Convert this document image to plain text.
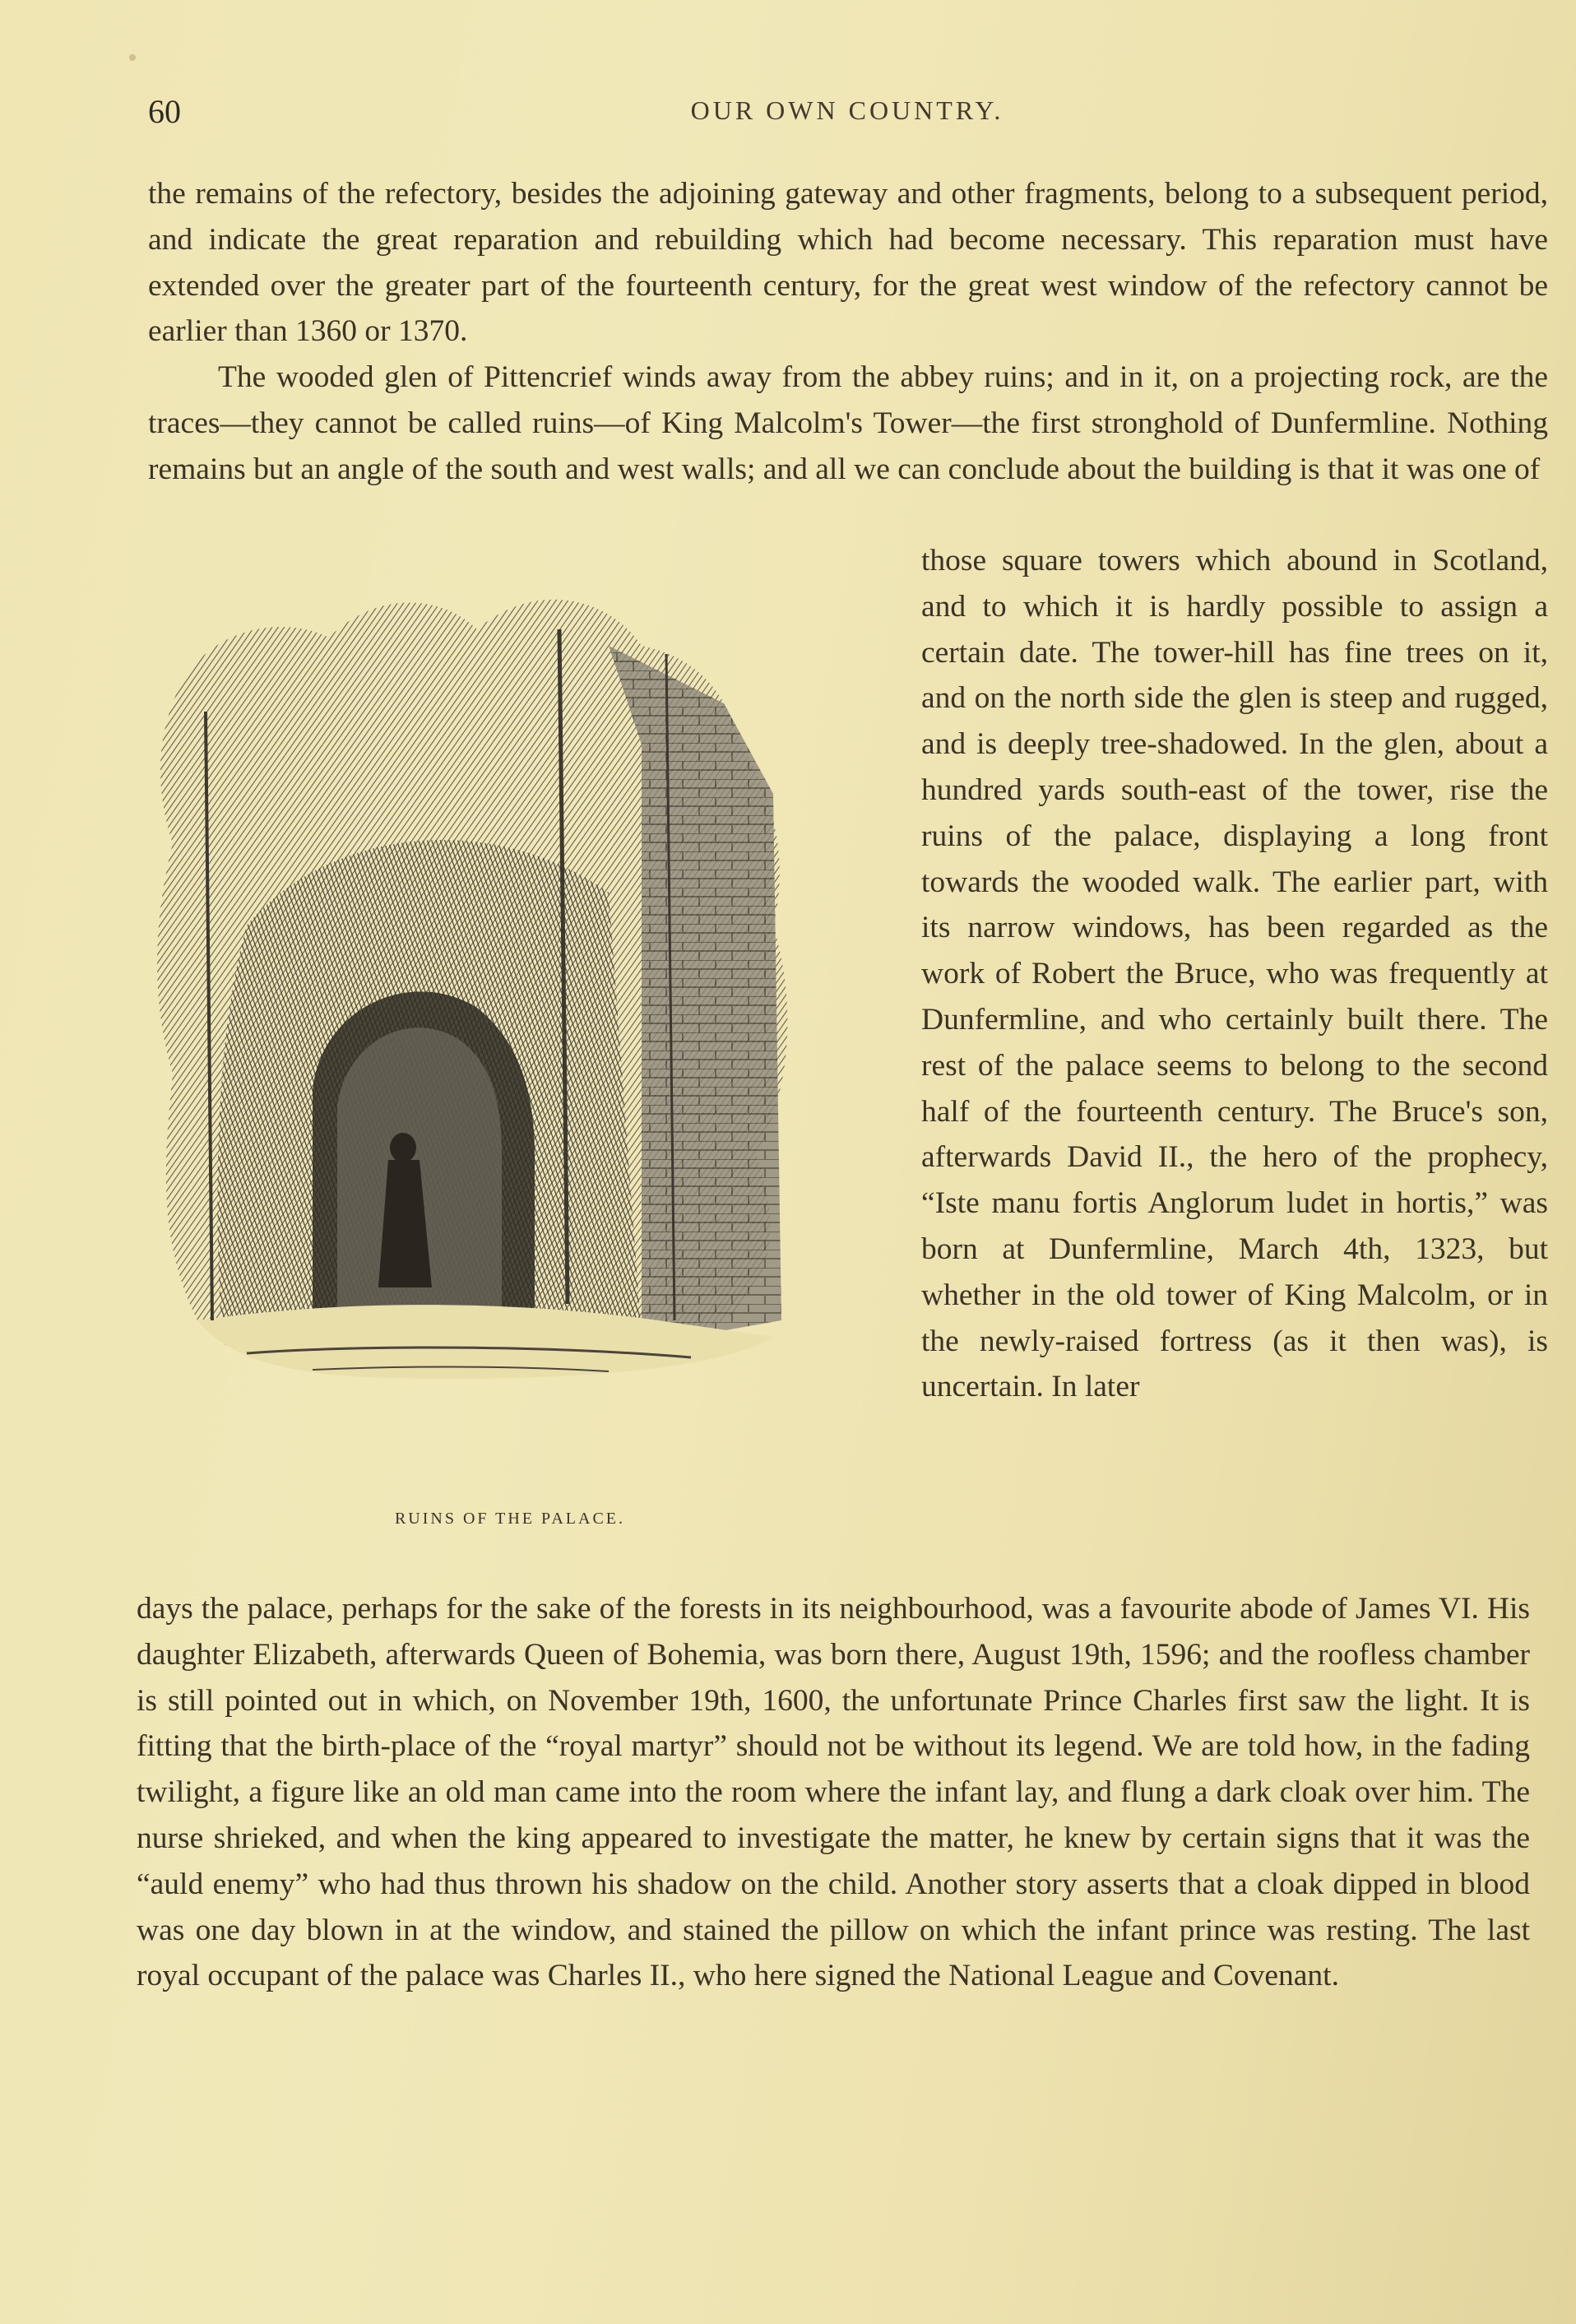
•
60	OUR OWN COUNTRY.

the remains of the refectory, besides the adjoining gateway and other fragments, belong to a subsequent period, and indicate the great reparation and rebuilding which had become necessary. This reparation must have extended over the greater part of the fourteenth century, for the great west window of the refectory cannot be earlier than 1360 or 1370.

The wooded glen of Pittencrief winds away from the abbey ruins; and in it, on a projecting rock, are the traces—they cannot be called ruins—of King Malcolm's Tower—the first stronghold of Dunfermline. Nothing remains but an angle of the south and west walls; and all we can conclude about the building is that it was one of

RUINS OF THE PALACE.

those square towers which abound in Scotland, and to which it is hardly possible to assign a certain date. The tower-hill has fine trees on it, and on the north side the glen is steep and rugged, and is deeply tree-shadowed. In the glen, about a hundred yards south-east of the tower, rise the ruins of the palace, displaying a long front towards the wooded walk. The earlier part, with its narrow windows, has been regarded as the work of Robert the Bruce, who was frequently at Dunfermline, and who certainly built there. The rest of the palace seems to belong to the second half of the fourteenth century. The Bruce's son, afterwards David II., the hero of the prophecy, “Iste manu fortis Anglorum ludet in hortis,” was born at Dunfermline, March 4th, 1323, but whether in the old tower of King Malcolm, or in the newly-raised fortress (as it then was), is uncertain. In later

days the palace, perhaps for the sake of the forests in its neighbourhood, was a favourite abode of James VI. His daughter Elizabeth, afterwards Queen of Bohemia, was born there, August 19th, 1596; and the roofless chamber is still pointed out in which, on November 19th, 1600, the unfortunate Prince Charles first saw the light. It is fitting that the birth-place of the “royal martyr” should not be without its legend. We are told how, in the fading twilight, a figure like an old man came into the room where the infant lay, and flung a dark cloak over him. The nurse shrieked, and when the king appeared to investigate the matter, he knew by certain signs that it was the “auld enemy” who had thus thrown his shadow on the child. Another story asserts that a cloak dipped in blood was one day blown in at the window, and stained the pillow on which the infant prince was resting. The last royal occupant of the palace was Charles II., who here signed the National League and Covenant.
